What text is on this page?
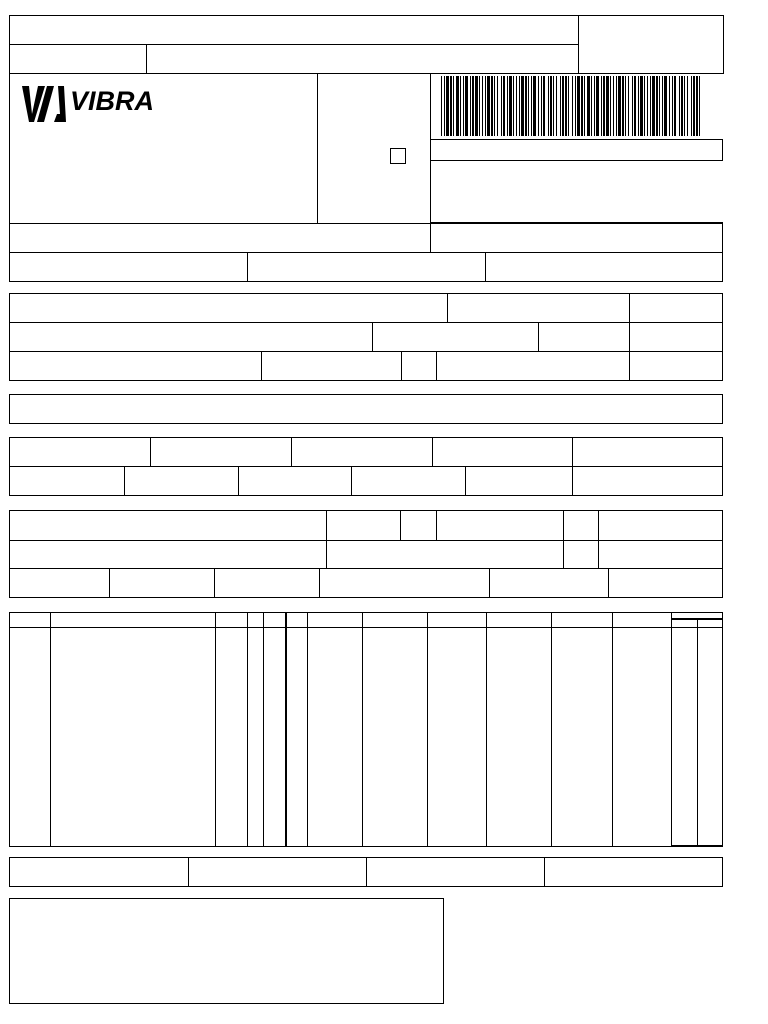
VIBRA
